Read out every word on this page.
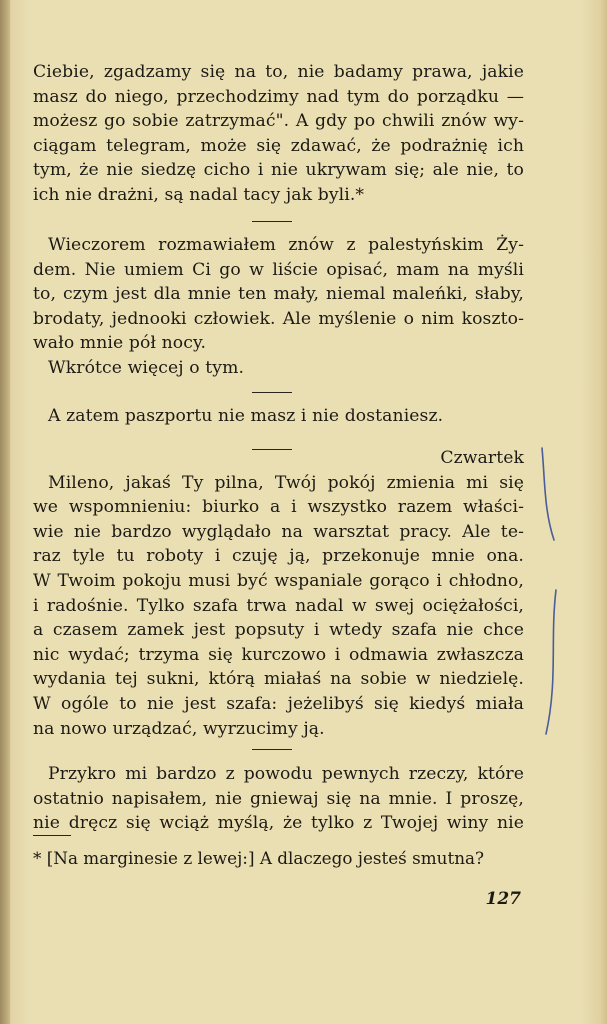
Ciebie, zgadzamy się na to, nie badamy prawa, jakie
masz do niego, przechodzimy nad tym do porządku —
możesz go sobie zatrzymać". A gdy po chwili znów wy-
ciągam telegram, może się zdawać, że podrażnię ich
tym, że nie siedzę cicho i nie ukrywam się; ale nie, to
ich nie drażni, są nadal tacy jak byli.*
Wieczorem rozmawiałem znów z palestyńskim Ży-
dem. Nie umiem Ci go w liście opisać, mam na myśli
to, czym jest dla mnie ten mały, niemal maleńki, słaby,
brodaty, jednooki człowiek. Ale myślenie o nim koszto-
wało mnie pół nocy.
Wkrótce więcej o tym.
A zatem paszportu nie masz i nie dostaniesz.
Czwartek
Mileno, jakaś Ty pilna, Twój pokój zmienia mi się
we wspomnieniu: biurko a i wszystko razem właści-
wie nie bardzo wyglądało na warsztat pracy. Ale te-
raz tyle tu roboty i czuję ją, przekonuje mnie ona.
W Twoim pokoju musi być wspaniale gorąco i chłodno,
i radośnie. Tylko szafa trwa nadal w swej ociężałości,
a czasem zamek jest popsuty i wtedy szafa nie chce
nic wydać; trzyma się kurczowo i odmawia zwłaszcza
wydania tej sukni, którą miałaś na sobie w niedzielę.
W ogóle to nie jest szafa: jeżelibyś się kiedyś miała
na nowo urządzać, wyrzucimy ją.
Przykro mi bardzo z powodu pewnych rzeczy, które
ostatnio napisałem, nie gniewaj się na mnie. I proszę,
nie dręcz się wciąż myślą, że tylko z Twojej winy nie
* [Na marginesie z lewej:] A dlaczego jesteś smutna?
127
